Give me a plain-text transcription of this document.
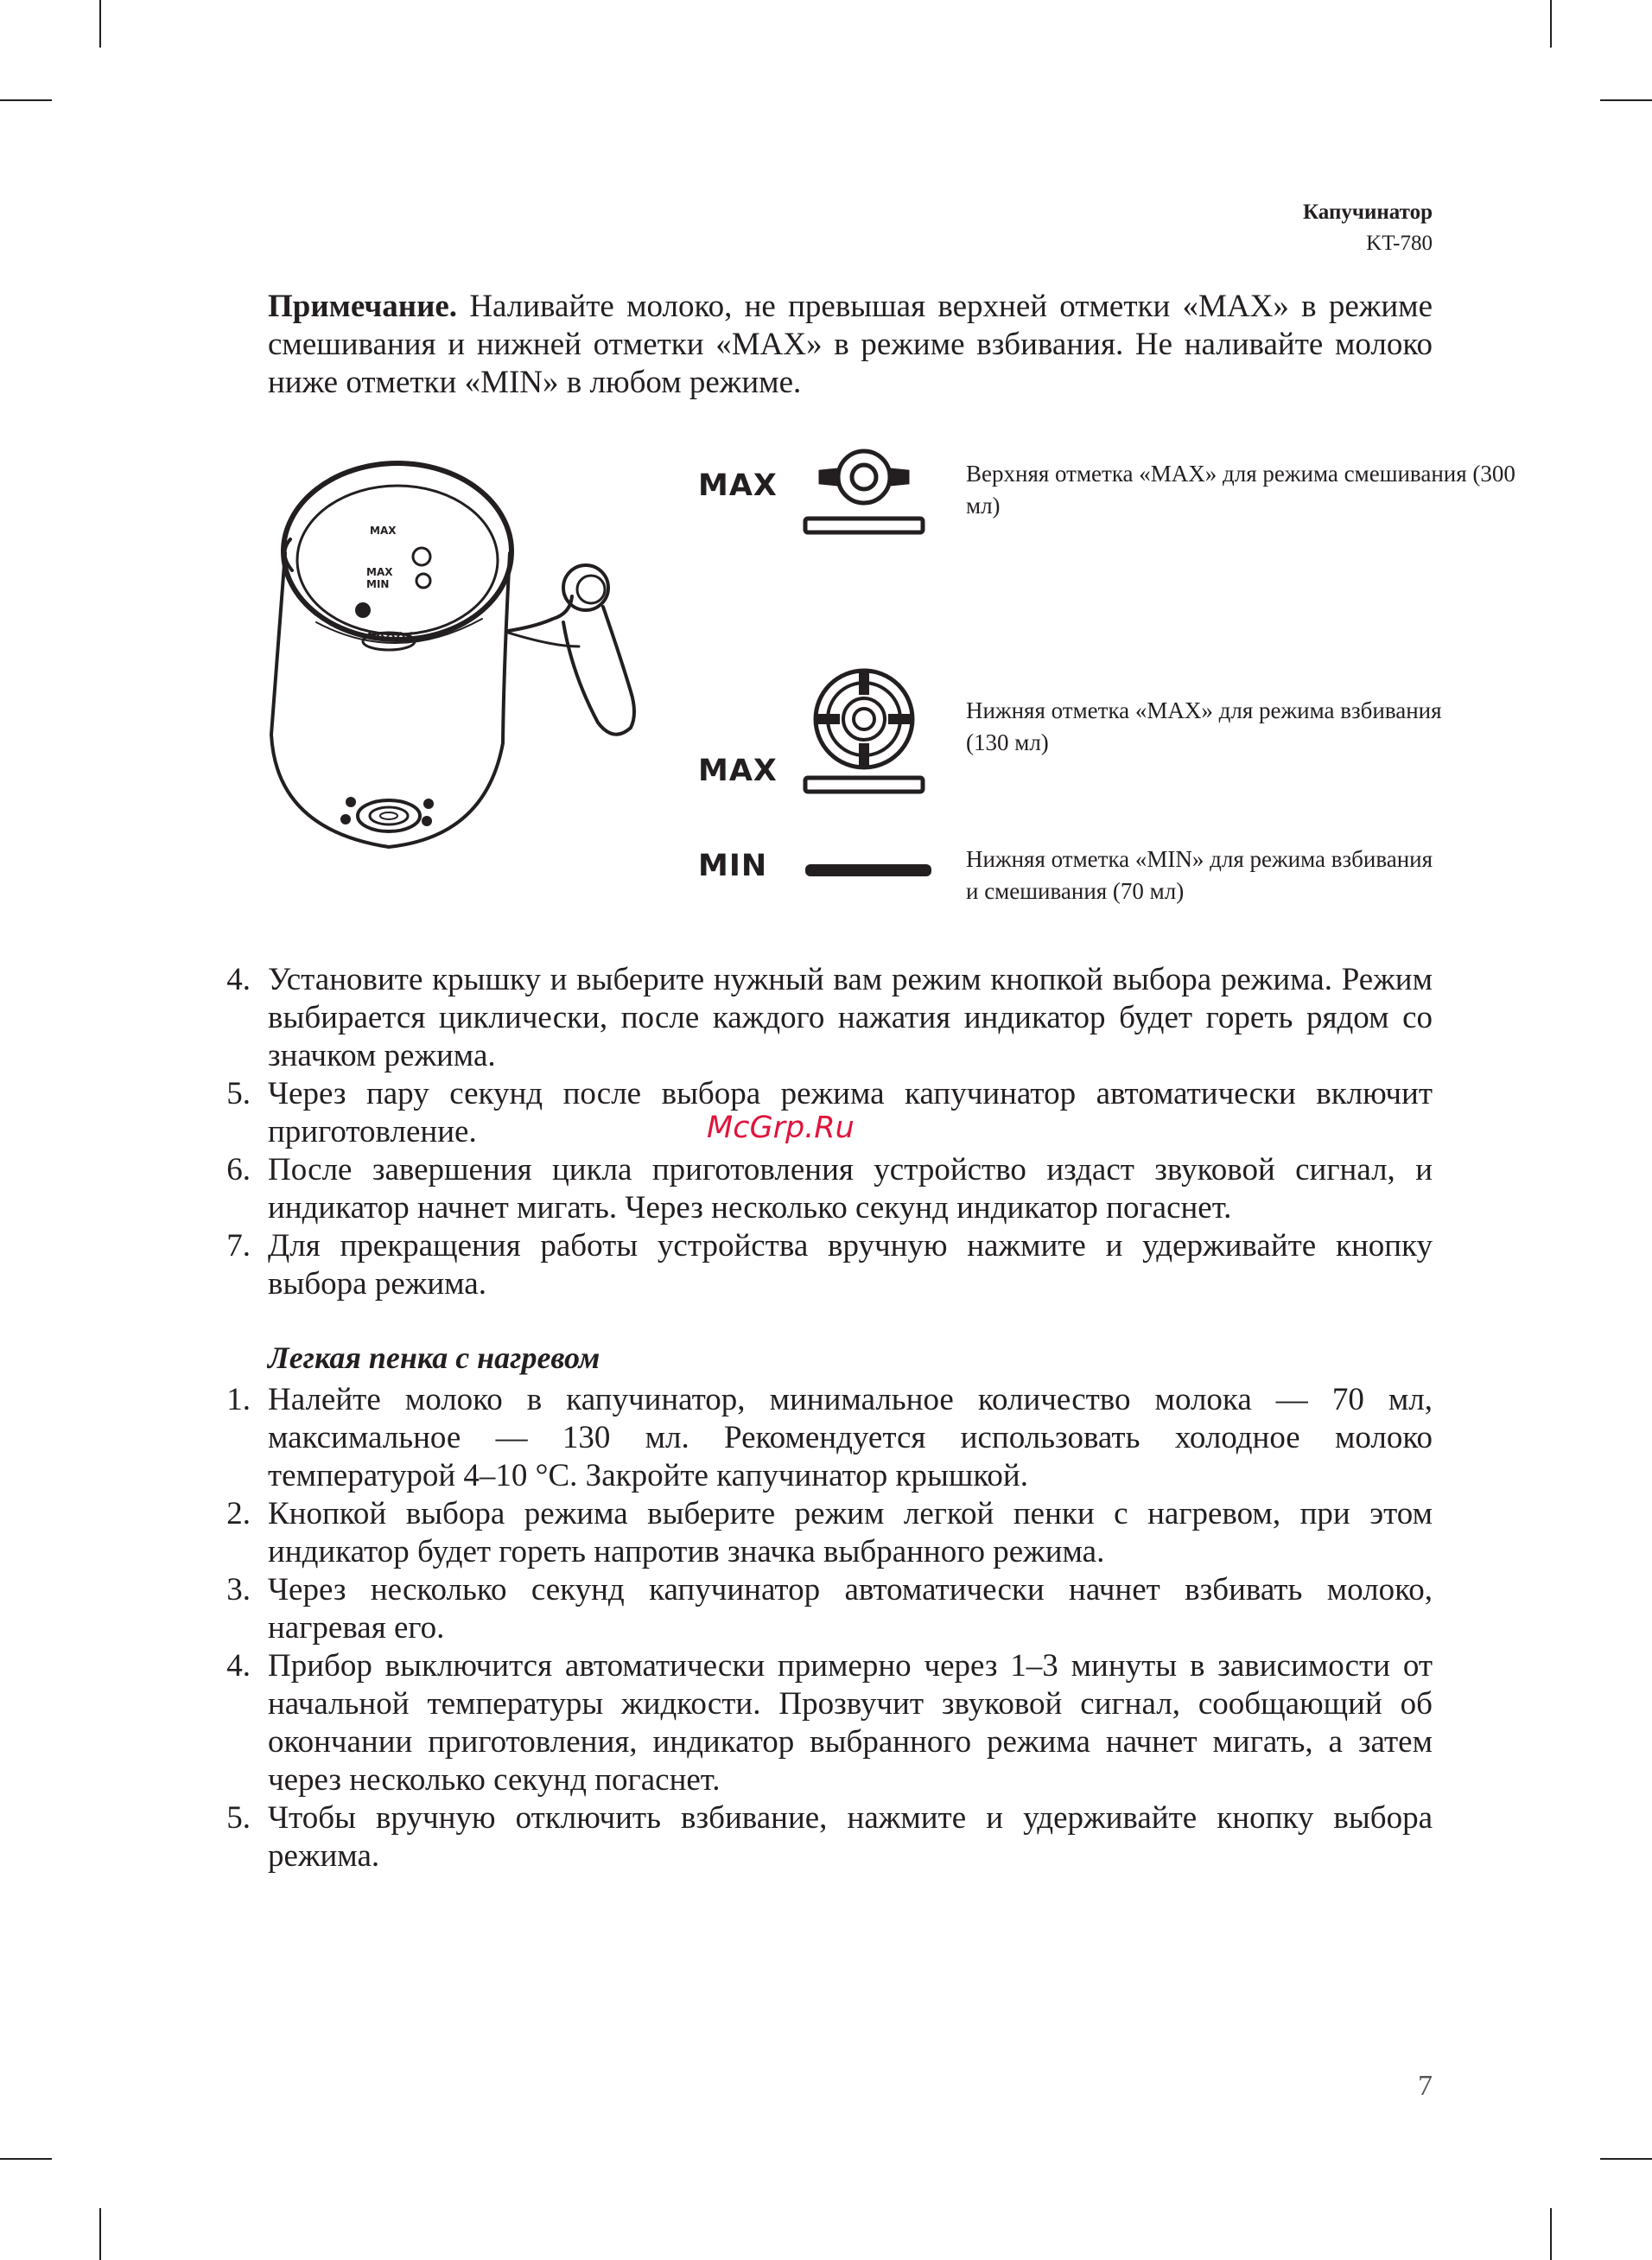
Капучинатор
KT-780
Примечание. Наливайте молоко, не превышая верхней отметки «MAX» в режиме смешивания и нижней отметки «MAX» в режиме взбивания. Не наливайте молоко ниже отметки «MIN» в любом режиме.
MAX
MAX
MIN
MAX	Верхняя отметка «MAX» для режима смешивания (300 мл)
MAX
Нижняя отметка «MAX» для режима взбивания (130 мл)
MIN	Нижняя отметка «MIN» для режима взбивания и смешивания (70 мл)
4. Установите крышку и выберите нужный вам режим кнопкой выбора режима. Режим выбирается циклически, после каждого нажатия индикатор будет гореть рядом со значком режима.
5. Через пару секунд после выбора режима капучинатор автоматически включит приготовление.
6. После завершения цикла приготовления устройство издаст звуковой сигнал, и индикатор начнет мигать. Через несколько секунд индикатор погаснет.
7. Для прекращения работы устройства вручную нажмите и удерживайте кнопку выбора режима.
McGrp.Ru
Легкая пенка с нагревом
1. Налейте молоко в капучинатор, минимальное количество молока — 70 мл, максимальное — 130 мл. Рекомендуется использовать холодное молоко температурой 4–10 °С. Закройте капучинатор крышкой.
2. Кнопкой выбора режима выберите режим легкой пенки с нагревом, при этом индикатор будет гореть напротив значка выбранного режима.
3. Через несколько секунд капучинатор автоматически начнет взбивать молоко, нагревая его.
4. Прибор выключится автоматически примерно через 1–3 минуты в зависимости от начальной температуры жидкости. Прозвучит звуковой сигнал, сообщающий об окончании приготовления, индикатор выбранного режима начнет мигать, а затем через несколько секунд погаснет.
5. Чтобы вручную отключить взбивание, нажмите и удерживайте кнопку выбора режима.
7
